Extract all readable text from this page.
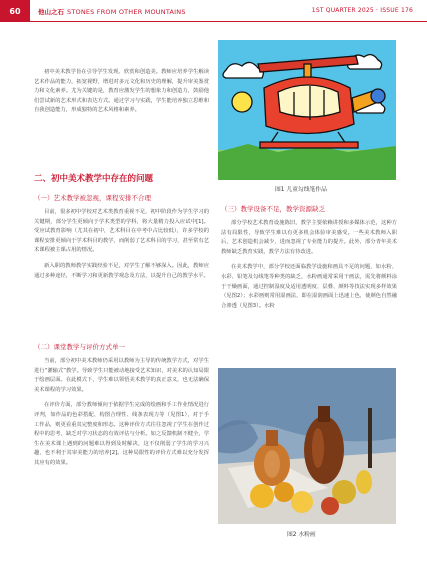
60	他山之石 STONES FROM OTHER MOUNTAINS	1ST QUARTER 2025 · ISSUE 176

初中美术教学旨在引导学生发现、欣赏和创造美。教师应培养学生解读艺术作品的能力，拓宽视野，增进对多元文化和历史的理解，提升审美鉴赏力和文化素养。尤为关键的是，教育应激发学生的想象力和创造力，鼓励他们尝试新的艺术形式和表达方式。通过学习与实践，学生能培养独立思维和自我创造能力，形成独特的艺术风格和素养。

二、初中美术教学中存在的问题
（一）艺术教学被忽视，课程安排不合理

目前，很多初中学校对艺术类教育重视不足，初中阶段作为学生学习的关键期，部分学生更倾向于学术类型的学科，将大量精力投入应试中[1]。受应试教育影响（尤其在初中，艺术科目在中考中占比较低），许多学校的课程安排更倾向于学术科目的教学，而削弱了艺术科目的学习，甚至常有艺术课程被主课占用的情况。

新入职的教师教学实践经验不足，对学生了解不够深入。因此，教师应通过多种途径，不断学习和更新教学观念及方法，以提升自己的教学水平。

（二）课堂教学与评价方式单一

当前，部分初中美术教师仍采用以教师为主导的传统教学方式，对学生进行“灌输式”教学。导致学生只能被动地接受艺术知识，对美术的认知局限于绘画层面。在此模式下，学生难以领悟美术教学的真正意义，也无法确保美术课程的学习效果。

在评价方面，部分教师倾向于依据学生完成的绘画和手工作业情况进行评判，如作品的色彩搭配、构图合理性、线条表现力等（见图1），对于手工作品，则更看重其完整度和形态。这种评价方式往往忽视了学生在创作过程中的思考，缺乏对学习状态的有效评估与分析。如之反馈机制不健全，学生在美术课上遇到的问题难以得到及时解决，这不仅削弱了学生的学习兴趣，也不利于其审美能力的培养[2]。这种局限性的评价方式难以充分发挥其应有的效果。

图1 儿童勾线笔作品
（三）教学设备不足，教学资源缺乏

部分学校艺术教育设施陈旧，教学主要依赖讲授和多媒体示范，这种方法有局限性，导致学生难以有更多机会体验审美感受。一些美术教师入职后，艺术创造机会减少，进而忽视了专业能力的提升。此外，部分青年美术教师缺乏教育实践，教学方法有待改进。

在美术教学中，部分学校还面临教学设施和画具不足的问题，如水粉、水彩、铅笔及勾线笔等种类的缺乏，水粉画通常采用干画法，需先将颜料涂于干燥画面，通过控制湿度及适用透明度、层叠、颜料等技法实现多样效果（见图2）；水彩画则常用湿画法，即在湿润画面上迅速上色，使颜色自然融合渗透（见图3）。水粉

图2 水粉画
